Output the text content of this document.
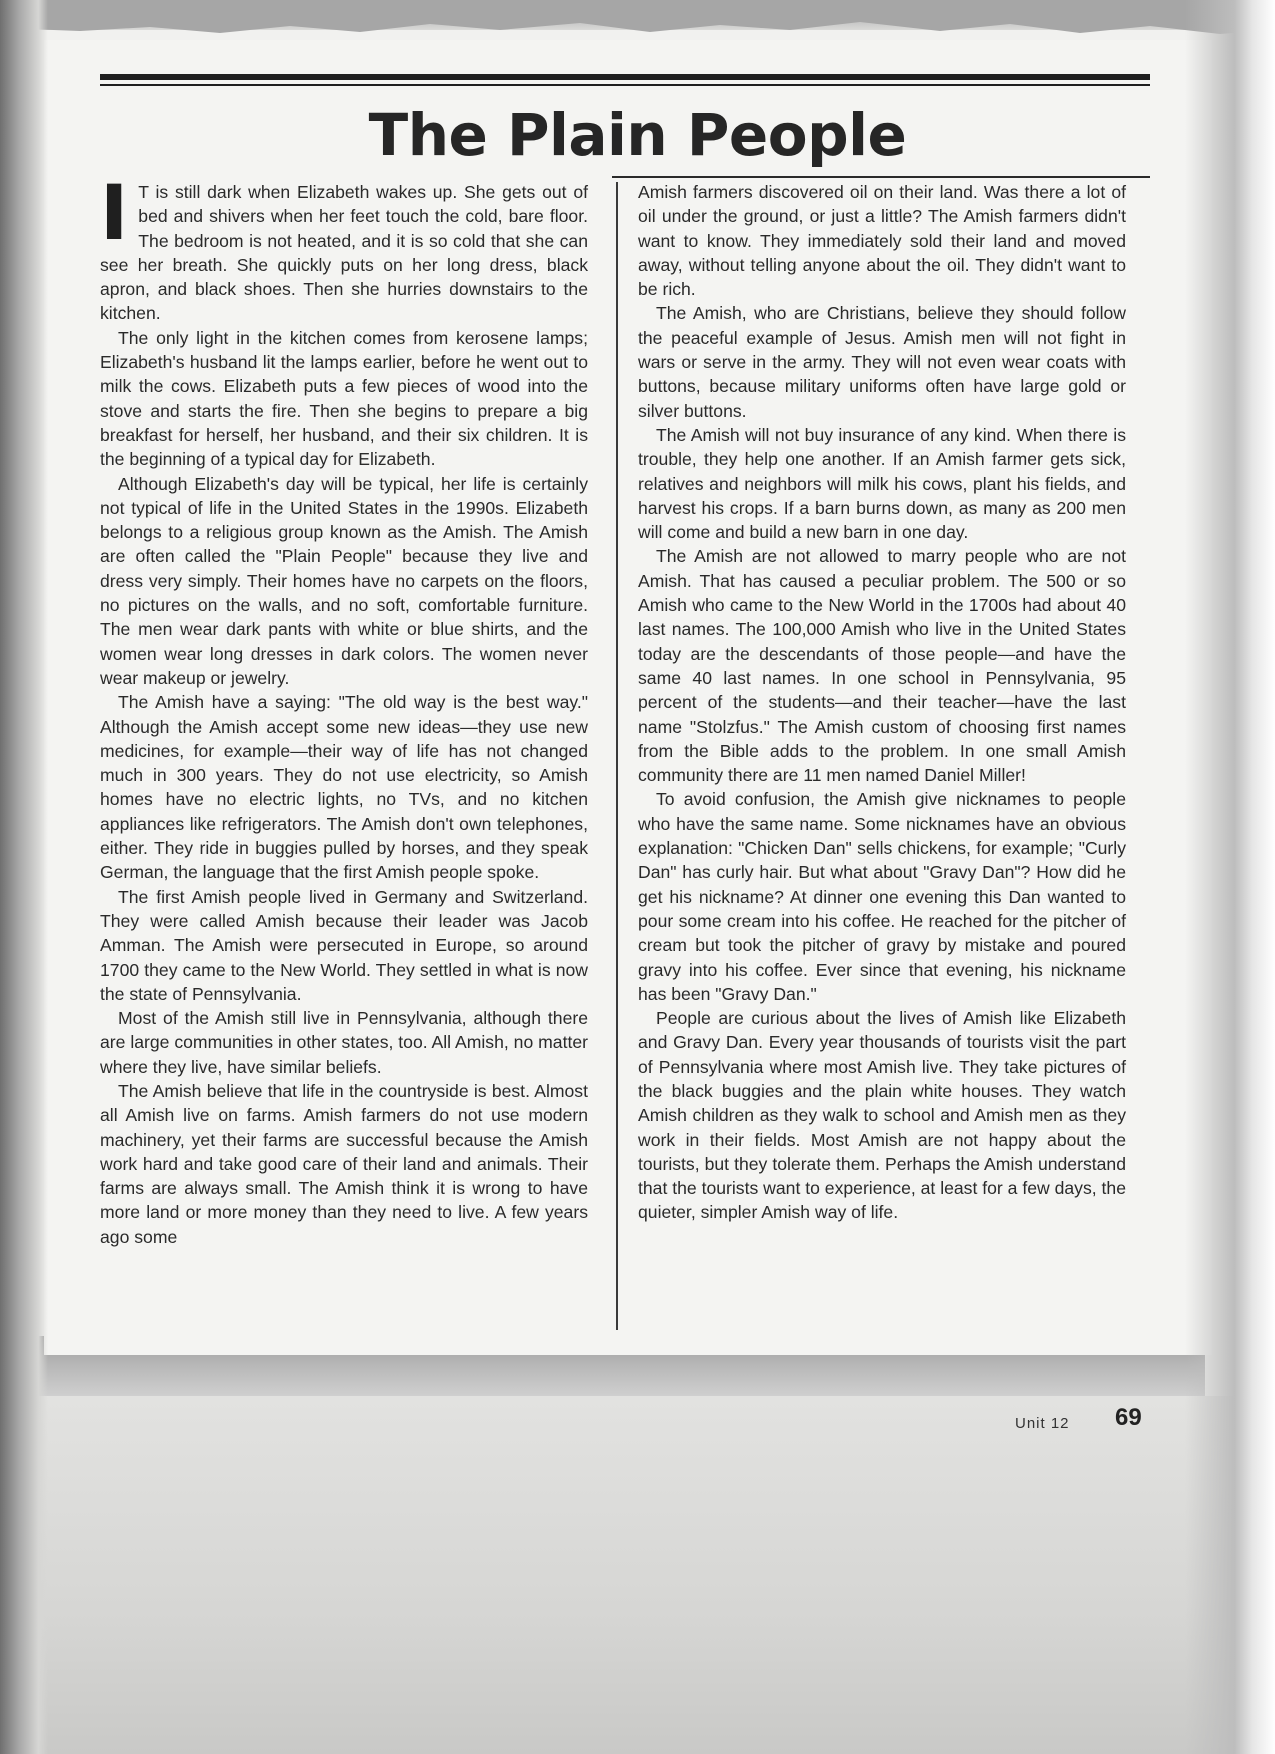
The Plain People

I T is still dark when Elizabeth wakes up. She gets out of bed and shivers when her feet touch the cold, bare floor. The bedroom is not heated, and it is so cold that she can see her breath. She quickly puts on her long dress, black apron, and black shoes. Then she hurries downstairs to the kitchen.

The only light in the kitchen comes from kerosene lamps; Elizabeth's husband lit the lamps earlier, before he went out to milk the cows. Elizabeth puts a few pieces of wood into the stove and starts the fire. Then she begins to prepare a big breakfast for herself, her husband, and their six children. It is the beginning of a typical day for Elizabeth.

Although Elizabeth's day will be typical, her life is certainly not typical of life in the United States in the 1990s. Elizabeth belongs to a religious group known as the Amish. The Amish are often called the "Plain People" because they live and dress very simply. Their homes have no carpets on the floors, no pictures on the walls, and no soft, comfortable furniture. The men wear dark pants with white or blue shirts, and the women wear long dresses in dark colors. The women never wear makeup or jewelry.

The Amish have a saying: "The old way is the best way." Although the Amish accept some new ideas—they use new medicines, for example—their way of life has not changed much in 300 years. They do not use electricity, so Amish homes have no electric lights, no TVs, and no kitchen appliances like refrigerators. The Amish don't own telephones, either. They ride in buggies pulled by horses, and they speak German, the language that the first Amish people spoke.

The first Amish people lived in Germany and Switzerland. They were called Amish because their leader was Jacob Amman. The Amish were persecuted in Europe, so around 1700 they came to the New World. They settled in what is now the state of Pennsylvania.

Most of the Amish still live in Pennsylvania, although there are large communities in other states, too. All Amish, no matter where they live, have similar beliefs.

The Amish believe that life in the countryside is best. Almost all Amish live on farms. Amish farmers do not use modern machinery, yet their farms are successful because the Amish work hard and take good care of their land and animals. Their farms are always small. The Amish think it is wrong to have more land or more money than they need to live. A few years ago some

Amish farmers discovered oil on their land. Was there a lot of oil under the ground, or just a little? The Amish farmers didn't want to know. They immediately sold their land and moved away, without telling anyone about the oil. They didn't want to be rich.

The Amish, who are Christians, believe they should follow the peaceful example of Jesus. Amish men will not fight in wars or serve in the army. They will not even wear coats with buttons, because military uniforms often have large gold or silver buttons.

The Amish will not buy insurance of any kind. When there is trouble, they help one another. If an Amish farmer gets sick, relatives and neighbors will milk his cows, plant his fields, and harvest his crops. If a barn burns down, as many as 200 men will come and build a new barn in one day.

The Amish are not allowed to marry people who are not Amish. That has caused a peculiar problem. The 500 or so Amish who came to the New World in the 1700s had about 40 last names. The 100,000 Amish who live in the United States today are the descendants of those people—and have the same 40 last names. In one school in Pennsylvania, 95 percent of the students—and their teacher—have the last name "Stolzfus." The Amish custom of choosing first names from the Bible adds to the problem. In one small Amish community there are 11 men named Daniel Miller!

To avoid confusion, the Amish give nicknames to people who have the same name. Some nicknames have an obvious explanation: "Chicken Dan" sells chickens, for example; "Curly Dan" has curly hair. But what about "Gravy Dan"? How did he get his nickname? At dinner one evening this Dan wanted to pour some cream into his coffee. He reached for the pitcher of cream but took the pitcher of gravy by mistake and poured gravy into his coffee. Ever since that evening, his nickname has been "Gravy Dan."

People are curious about the lives of Amish like Elizabeth and Gravy Dan. Every year thousands of tourists visit the part of Pennsylvania where most Amish live. They take pictures of the black buggies and the plain white houses. They watch Amish children as they walk to school and Amish men as they work in their fields. Most Amish are not happy about the tourists, but they tolerate them. Perhaps the Amish understand that the tourists want to experience, at least for a few days, the quieter, simpler Amish way of life.

Unit 12 69
